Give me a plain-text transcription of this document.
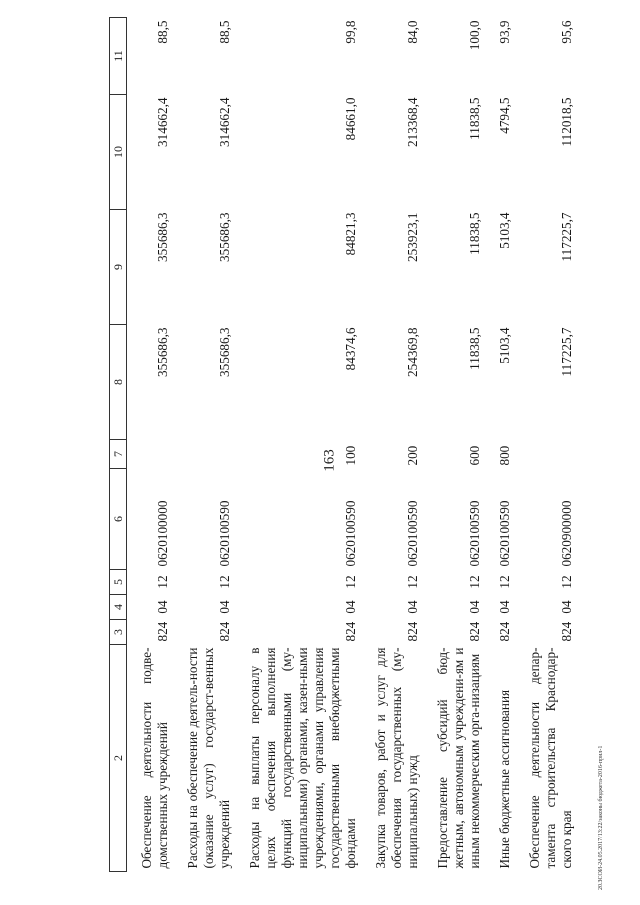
163
2	3	4	5	6	7	8	9	10	11

Обеспечение деятельности подве-домственных учреждений	824	04	12	0620100000		355686,3	355686,3	314662,4	88,5

Расходы на обеспечение деятель-ности (оказание услуг) государст-венных учреждений	824	04	12	0620100590		355686,3	355686,3	314662,4	88,5

Расходы на выплаты персоналу в целях обеспечения выполнения функций государственными (му-ниципальными) органами, казен-ными учреждениями, органами управления государственными внебюджетными фондами	824	04	12	0620100590	100	84374,6	84821,3	84661,0	99,8

Закупка товаров, работ и услуг для обеспечения государственных (му-ниципальных) нужд	824	04	12	0620100590	200	254369,8	253923,1	213368,4	84,0

Предоставление субсидий бюд-жетным, автономным учреждени-ям и иным некоммерческим орга-низациям	824	04	12	0620100590	600	11838,5	11838,5	11838,5	100,0

Иные бюджетные ассигнования	824	04	12	0620100590	800	5103,4	5103,4	4794,5	93,9

Обеспечение деятельности депар-тамента строительства Краснодар-ского края	824	04	12	0620900000		117225,7	117225,7	112018,5	95,6
20.ЗСОИ-24.05.2017/13:22/законы бюджета-2016-прил-1
